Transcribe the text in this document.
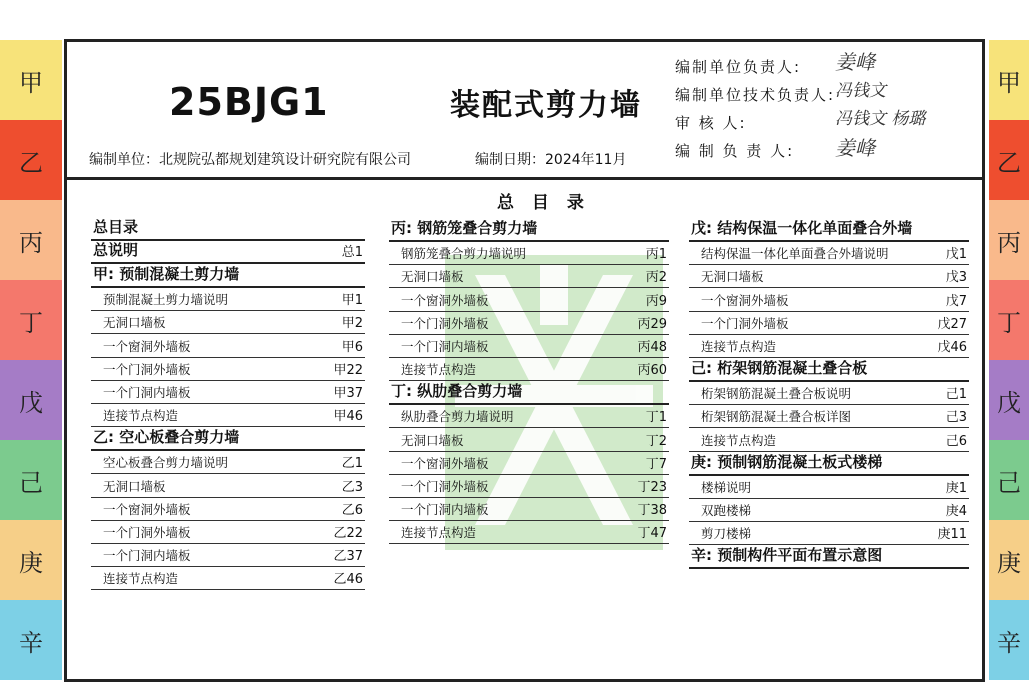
甲
乙
丙
丁
戊
己
庚
辛
甲
乙
丙
丁
戊
己
庚
辛
25BJG1	装配式剪力墙
编制单位：北规院弘都规划建筑设计研究院有限公司	编制日期：2024年11月
编制单位负责人: 姜峰
编制单位技术负责人: 冯钱文
审 核 人:	冯钱文 杨璐
编 制 负 责 人: 姜峰
总 目 录
总目录
总说明	总1
甲: 预制混凝土剪力墙
预制混凝土剪力墙说明	甲1
无洞口墙板	甲2
一个窗洞外墙板	甲6
一个门洞外墙板	甲22
一个门洞内墙板	甲37
连接节点构造	甲46
乙: 空心板叠合剪力墙
空心板叠合剪力墙说明	乙1
无洞口墙板	乙3
一个窗洞外墙板	乙6
一个门洞外墙板	乙22
一个门洞内墙板	乙37
连接节点构造	乙46
丙: 钢筋笼叠合剪力墙
钢筋笼叠合剪力墙说明	丙1
无洞口墙板	丙2
一个窗洞外墙板	丙9
一个门洞外墙板	丙29
一个门洞内墙板	丙48
连接节点构造	丙60
丁: 纵肋叠合剪力墙
纵肋叠合剪力墙说明	丁1
无洞口墙板	丁2
一个窗洞外墙板	丁7
一个门洞外墙板	丁23
一个门洞内墙板	丁38
连接节点构造	丁47
戊: 结构保温一体化单面叠合外墙
结构保温一体化单面叠合外墙说明	戊1
无洞口墙板	戊3
一个窗洞外墙板	戊7
一个门洞外墙板	戊27
连接节点构造	戊46
己: 桁架钢筋混凝土叠合板
桁架钢筋混凝土叠合板说明	己1
桁架钢筋混凝土叠合板详图	己3
连接节点构造	己6
庚: 预制钢筋混凝土板式楼梯
楼梯说明	庚1
双跑楼梯	庚4
剪刀楼梯	庚11
辛: 预制构件平面布置示意图
